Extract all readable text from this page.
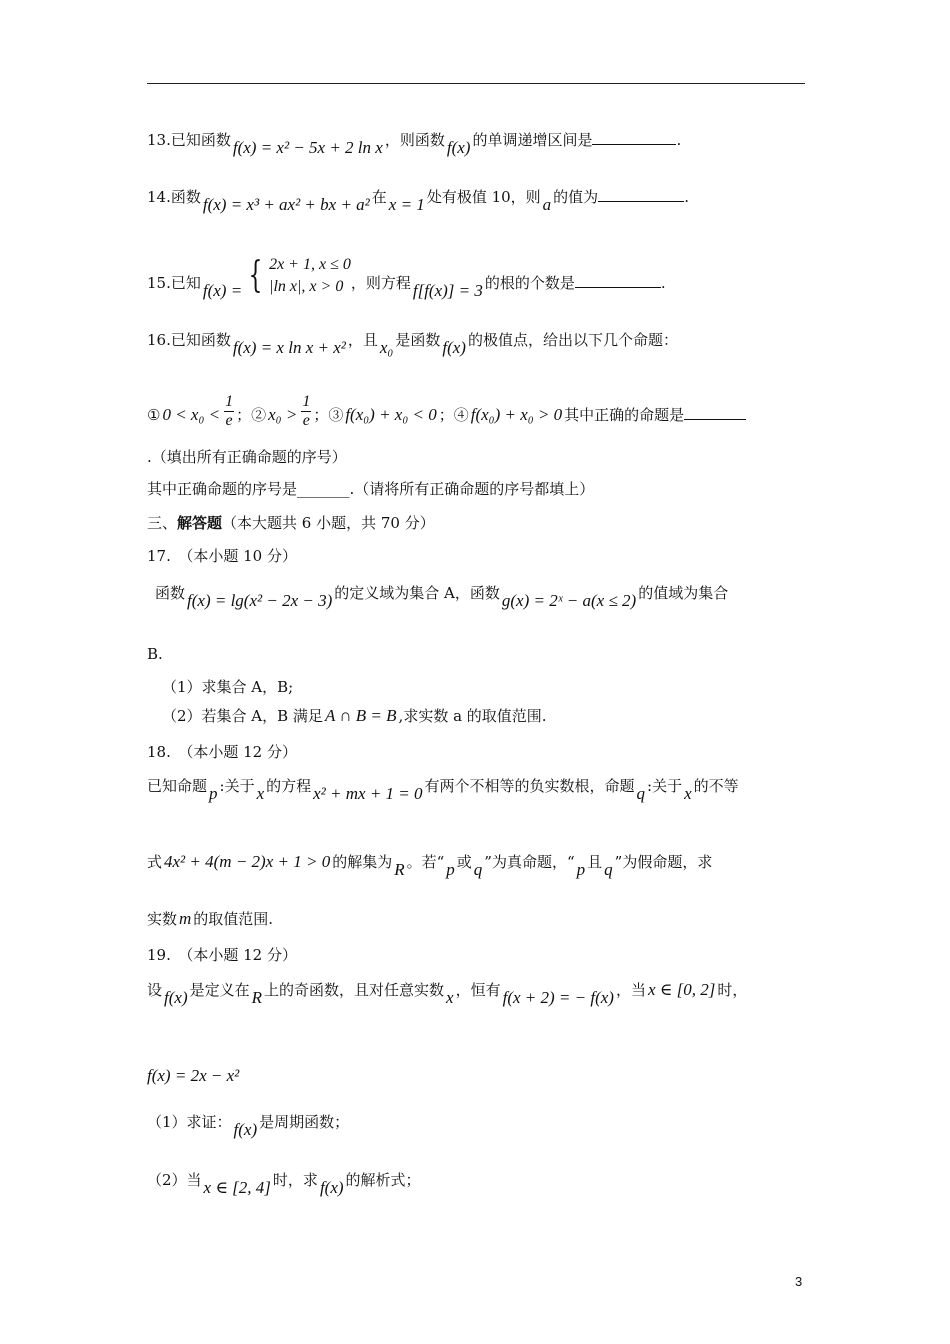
13.已知函数 f(x) = x² − 5x + 2 ln x ，则函数 f(x) 的单调递增区间是	.
14.函数 f(x) = x³ + ax² + bx + a² 在 x = 1 处有极值 10，则 a 的值为	.
15.已知 f(x) = { 2x + 1, x ≤ 0
|ln x|, x > 0 ，则方程 f[f(x)] = 3 的根的个数是	.
16.已知函数 f(x) = x ln x + x² ，且 x₀ 是函数 f(x) 的极值点，给出以下几个命题：
① $0 < x_0 < \frac{1}{e}$ ；② $x_0 > \frac{1}{e}$ ；③ f(x₀) + x₀ < 0 ；④ f(x₀) + x₀ > 0 其中正确的命题是
.（填出所有正确命题的序号）
其中正确命题的序号是_______.（请将所有正确命题的序号都填上）
三、解答题（本大题共 6 小题，共 70 分）
17.　（本小题 10 分）
函数 f(x) = lg(x² − 2x − 3) 的定义域为集合 A，函数 g(x) = 2ˣ − a(x ≤ 2) 的值域为集合
B.
（1）求集合 A，B;
（2）若集合 A，B 满足 A ∩ B = B ,求实数 a 的取值范围.
18.　（本小题 12 分）
已知命题 p :关于 x 的方程 x² + mx + 1 = 0 有两个不相等的负实数根，命题 q :关于 x 的不等
式 4x² + 4(m − 2)x + 1 > 0 的解集为 R 。若“ p 或 q ”为真命题，“ p 且 q ”为假命题，求
实数 m 的取值范围.
19.　（本小题 12 分）
设 f(x) 是定义在 R 上的奇函数，且对任意实数 x ，恒有 f(x + 2) = − f(x) ，当 x ∈ [0, 2] 时，
f(x) = 2x − x²
（1）求证： f(x) 是周期函数；
（2）当 x ∈ [2, 4] 时，求 f(x) 的解析式；
3
